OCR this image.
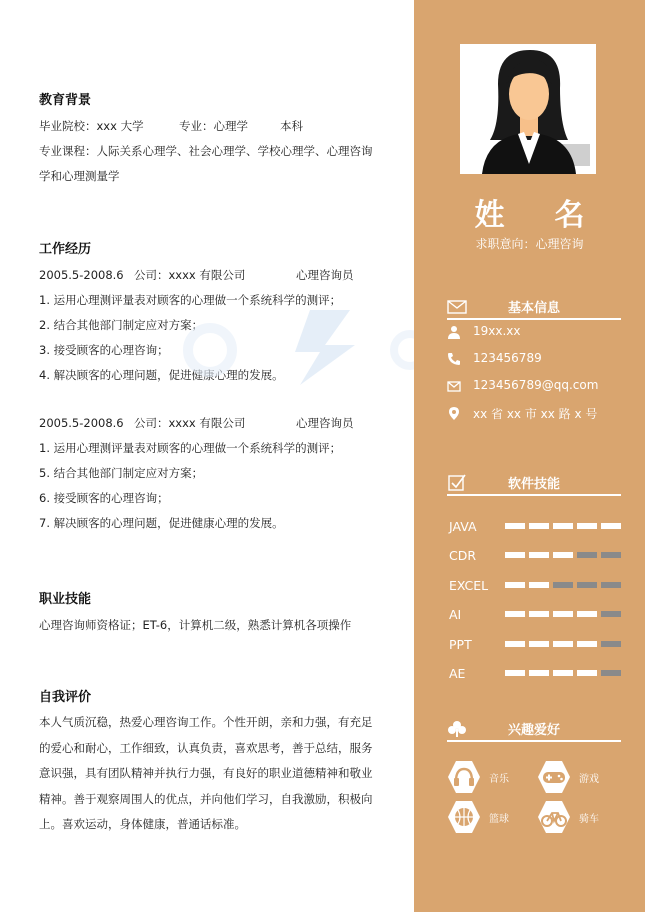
教育背景
毕业院校：xxx 大学	专业：心理学	本科
专业课程：人际关系心理学、社会心理学、学校心理学、心理咨询
学和心理测量学
工作经历
2005.5-2008.6 公司：xxxx 有限公司	心理咨询员
1. 运用心理测评量表对顾客的心理做一个系统科学的测评；
2. 结合其他部门制定应对方案；
3. 接受顾客的心理咨询；
4. 解决顾客的心理问题，促进健康心理的发展。
2005.5-2008.6 公司：xxxx 有限公司	心理咨询员
1. 运用心理测评量表对顾客的心理做一个系统科学的测评；
5. 结合其他部门制定应对方案；
6. 接受顾客的心理咨询；
7. 解决顾客的心理问题，促进健康心理的发展。
职业技能
心理咨询师资格证；ET-6，计算机二级，熟悉计算机各项操作
自我评价
本人气质沉稳，热爱心理咨询工作。个性开朗，亲和力强，有充足
的爱心和耐心，工作细致，认真负责，喜欢思考，善于总结，服务
意识强，具有团队精神并执行力强，有良好的职业道德精神和敬业
精神。善于观察周围人的优点，并向他们学习，自我激励，积极向
上。喜欢运动，身体健康，普通话标准。
姓 名
求职意向：心理咨询
基本信息
19xx.xx
123456789
123456789@qq.com
xx 省 xx 市 xx 路 x 号
软件技能
JAVA
CDR
EXCEL
AI
PPT
AE
兴趣爱好
音乐	游戏
篮球	骑车
